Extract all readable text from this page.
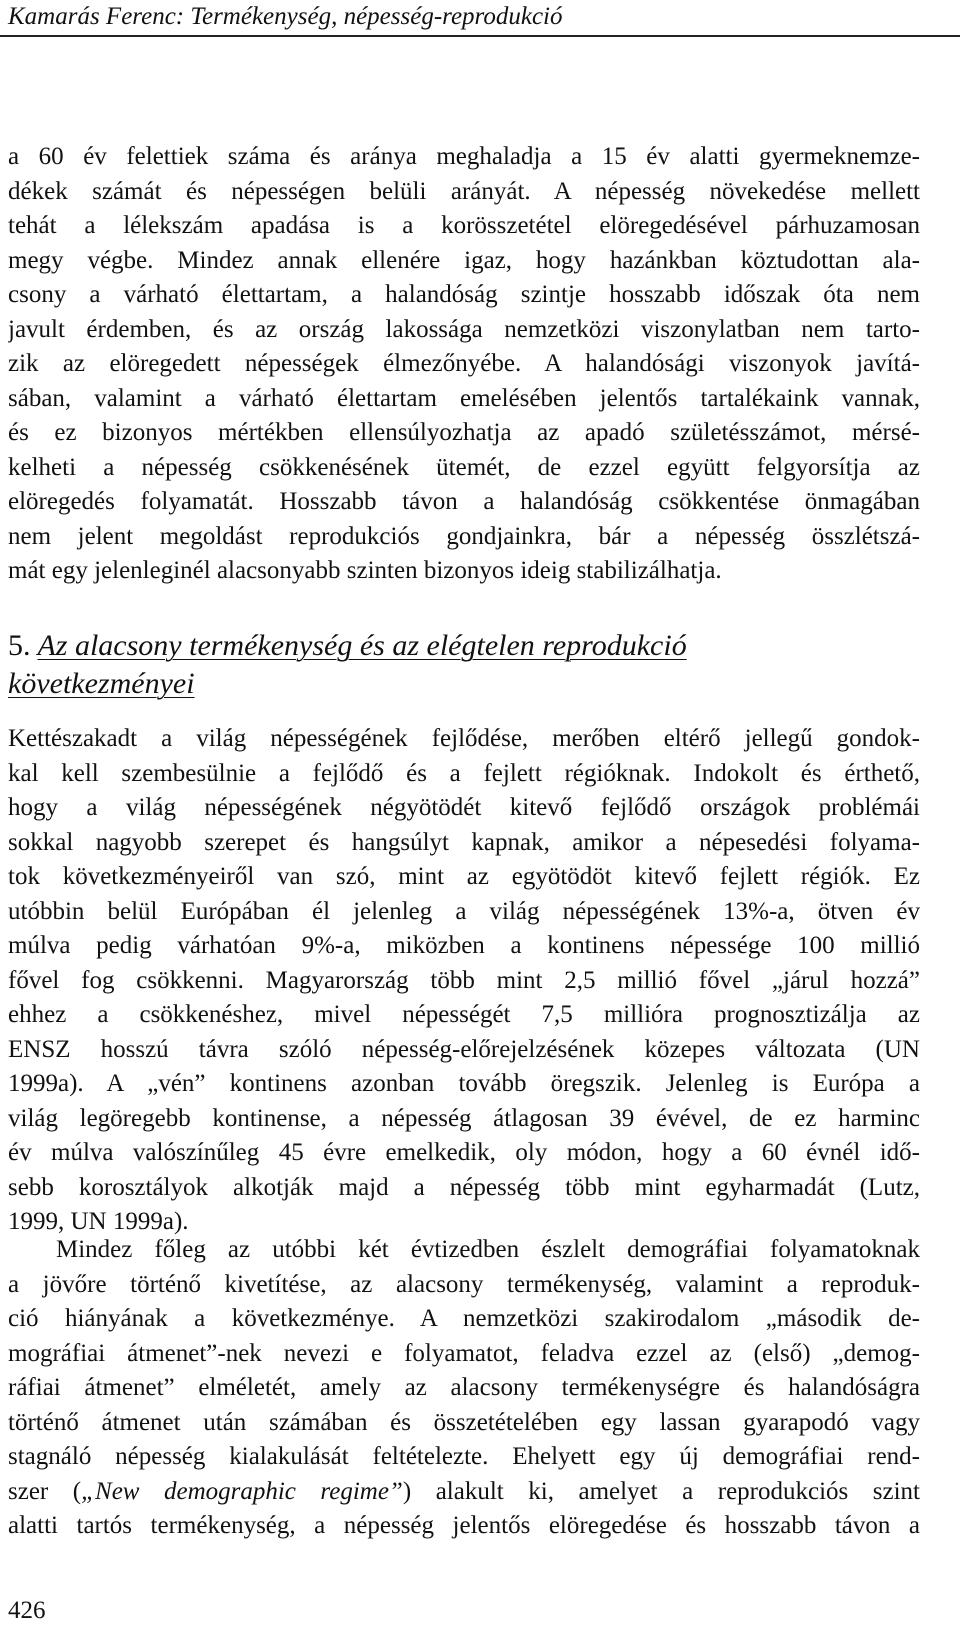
Kamarás Ferenc: Termékenység, népesség-reprodukció
a 60 év felettiek száma és aránya meghaladja a 15 év alatti gyermeknemze-
dékek számát és népességen belüli arányát. A népesség növekedése mellett
tehát a lélekszám apadása is a korösszetétel elöregedésével párhuzamosan
megy végbe. Mindez annak ellenére igaz, hogy hazánkban köztudottan ala-
csony a várható élettartam, a halandóság szintje hosszabb időszak óta nem
javult érdemben, és az ország lakossága nemzetközi viszonylatban nem tarto-
zik az elöregedett népességek élmezőnyébe. A halandósági viszonyok javítá-
sában, valamint a várható élettartam emelésében jelentős tartalékaink vannak,
és ez bizonyos mértékben ellensúlyozhatja az apadó születésszámot, mérsé-
kelheti a népesség csökkenésének ütemét, de ezzel együtt felgyorsítja az
elöregedés folyamatát. Hosszabb távon a halandóság csökkentése önmagában
nem jelent megoldást reprodukciós gondjainkra, bár a népesség összlétszá-
mát egy jelenleginél alacsonyabb szinten bizonyos ideig stabilizálhatja.
5. Az alacsony termékenység és az elégtelen reprodukció
következményei
Kettészakadt a világ népességének fejlődése, merőben eltérő jellegű gondok-
kal kell szembesülnie a fejlődő és a fejlett régióknak. Indokolt és érthető,
hogy a világ népességének négyötödét kitevő fejlődő országok problémái
sokkal nagyobb szerepet és hangsúlyt kapnak, amikor a népesedési folyama-
tok következményeiről van szó, mint az egyötödöt kitevő fejlett régiók. Ez
utóbbin belül Európában él jelenleg a világ népességének 13%-a, ötven év
múlva pedig várhatóan 9%-a, miközben a kontinens népessége 100 millió
fővel fog csökkenni. Magyarország több mint 2,5 millió fővel „járul hozzá”
ehhez a csökkenéshez, mivel népességét 7,5 millióra prognosztizálja az
ENSZ hosszú távra szóló népesség-előrejelzésének közepes változata (UN
1999a). A „vén” kontinens azonban tovább öregszik. Jelenleg is Európa a
világ legöregebb kontinense, a népesség átlagosan 39 évével, de ez harminc
év múlva valószínűleg 45 évre emelkedik, oly módon, hogy a 60 évnél idő-
sebb korosztályok alkotják majd a népesség több mint egyharmadát (Lutz,
1999, UN 1999a).
Mindez főleg az utóbbi két évtizedben észlelt demográfiai folyamatoknak
a jövőre történő kivetítése, az alacsony termékenység, valamint a reproduk-
ció hiányának a következménye. A nemzetközi szakirodalom „második de-
mográfiai átmenet”-nek nevezi e folyamatot, feladva ezzel az (első) „demog-
ráfiai átmenet” elméletét, amely az alacsony termékenységre és halandóságra
történő átmenet után számában és összetételében egy lassan gyarapodó vagy
stagnáló népesség kialakulását feltételezte. Ehelyett egy új demográfiai rend-
szer („New demographic regime”) alakult ki, amelyet a reprodukciós szint
alatti tartós termékenység, a népesség jelentős elöregedése és hosszabb távon a
426
